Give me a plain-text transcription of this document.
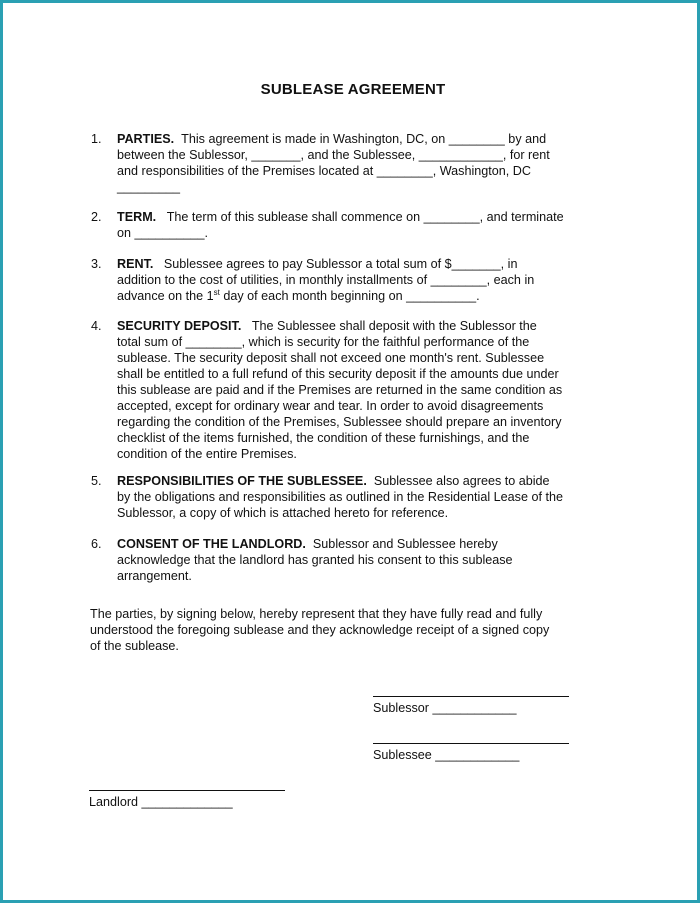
SUBLEASE AGREEMENT
1.	PARTIES. This agreement is made in Washington, DC, on ________ by and
between the Sublessor, _______, and the Sublessee, ____________, for rent
and responsibilities of the Premises located at ________, Washington, DC
_________
2.	TERM. The term of this sublease shall commence on ________, and terminate
on __________.
3.	RENT. Sublessee agrees to pay Sublessor a total sum of $_______, in
addition to the cost of utilities, in monthly installments of ________, each in
advance on the 1st day of each month beginning on __________.
4.	SECURITY DEPOSIT. The Sublessee shall deposit with the Sublessor the
total sum of ________, which is security for the faithful performance of the
sublease. The security deposit shall not exceed one month's rent. Sublessee
shall be entitled to a full refund of this security deposit if the amounts due under
this sublease are paid and if the Premises are returned in the same condition as
accepted, except for ordinary wear and tear. In order to avoid disagreements
regarding the condition of the Premises, Sublessee should prepare an inventory
checklist of the items furnished, the condition of these furnishings, and the
condition of the entire Premises.
5.	RESPONSIBILITIES OF THE SUBLESSEE. Sublessee also agrees to abide
by the obligations and responsibilities as outlined in the Residential Lease of the
Sublessor, a copy of which is attached hereto for reference.
6.	CONSENT OF THE LANDLORD. Sublessor and Sublessee hereby
acknowledge that the landlord has granted his consent to this sublease
arrangement.
The parties, by signing below, hereby represent that they have fully read and fully
understood the foregoing sublease and they acknowledge receipt of a signed copy
of the sublease.
Sublessor ____________
Sublessee ____________
Landlord _____________
